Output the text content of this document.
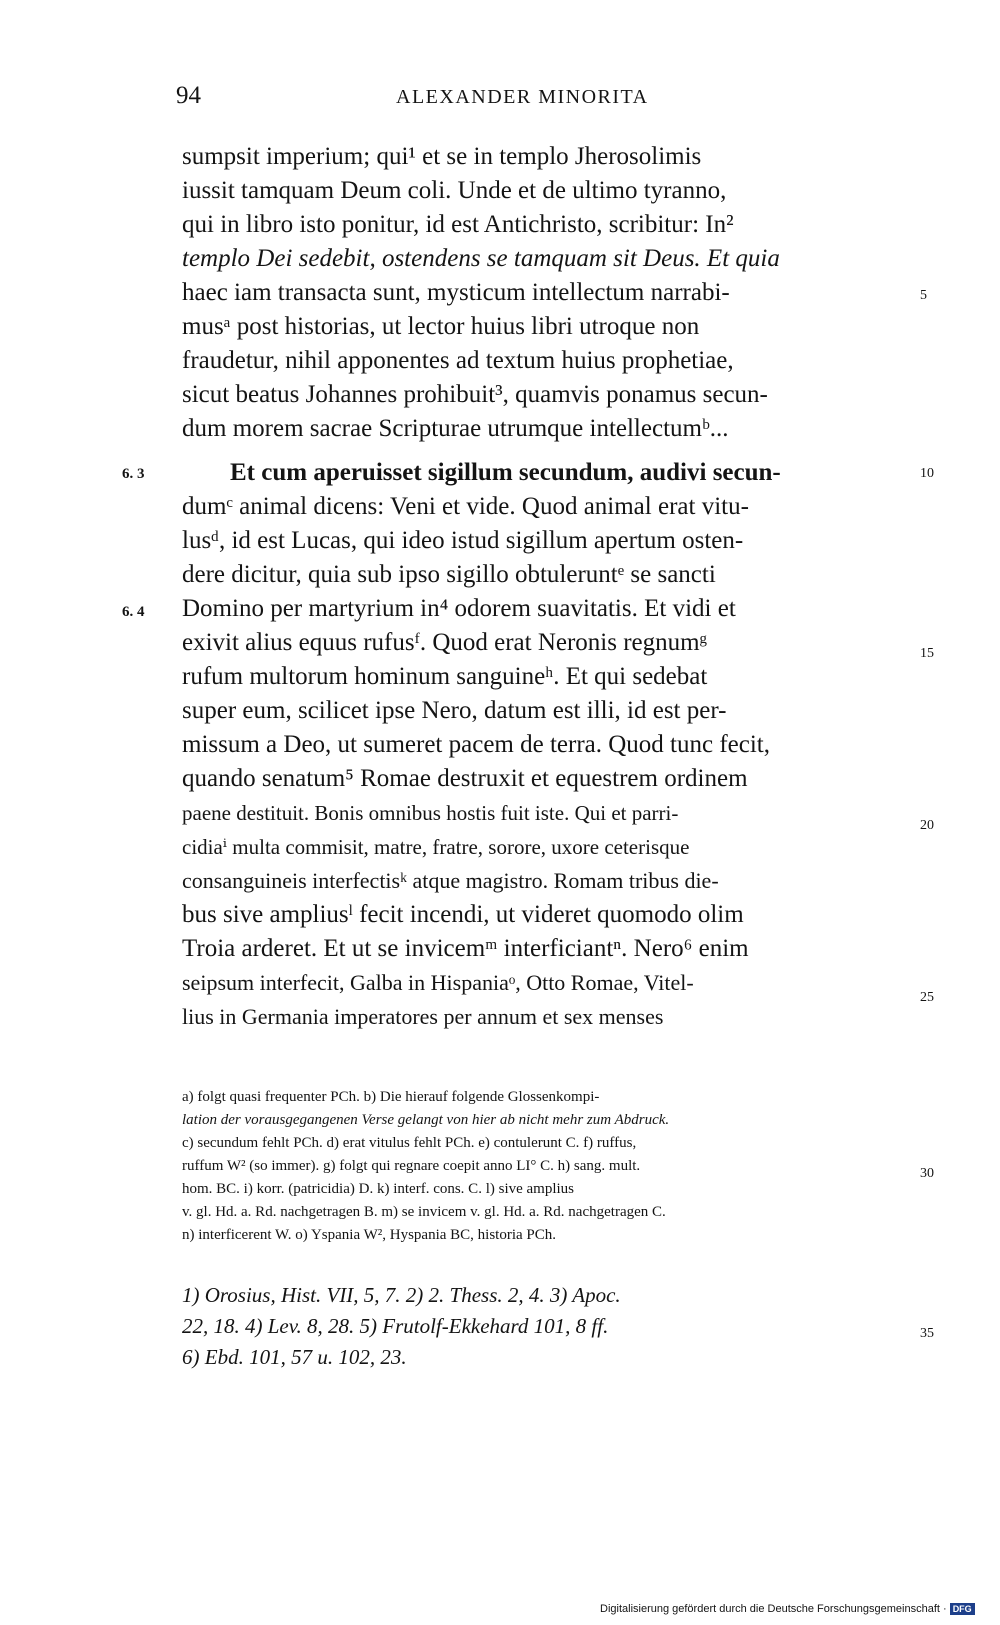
94	ALEXANDER MINORITA
sumpsit imperium; qui¹ et se in templo Jherosolimis
iussit tamquam Deum coli. Unde et de ultimo tyranno,
qui in libro isto ponitur, id est Antichristo, scribitur: In²
templo Dei sedebit, ostendens se tamquam sit Deus. Et quia
haec iam transacta sunt, mysticum intellectum narrabi-
musᵃ post historias, ut lector huius libri utroque non
fraudetur, nihil apponentes ad textum huius prophetiae,
sicut beatus Johannes prohibuit³, quamvis ponamus secun-
dum morem sacrae Scripturae utrumque intellectumᵇ...
Et cum aperuisset sigillum secundum, audivi secun-
dumᶜ animal dicens: Veni et vide. Quod animal erat vitu-
lusᵈ, id est Lucas, qui ideo istud sigillum apertum osten-
dere dicitur, quia sub ipso sigillo obtuleruntᵉ se sancti
Domino per martyrium in⁴ odorem suavitatis. Et vidi et
exivit alius equus rufusᶠ. Quod erat Neronis regnumᵍ
rufum multorum hominum sanguineʰ. Et qui sedebat
super eum, scilicet ipse Nero, datum est illi, id est per-
missum a Deo, ut sumeret pacem de terra. Quod tunc fecit,
quando senatum⁵ Romae destruxit et equestrem ordinem
paene destituit. Bonis omnibus hostis fuit iste. Qui et parri-
cidiaⁱ multa commisit, matre, fratre, sorore, uxore ceterisque
consanguineis interfectisᵏ atque magistro. Romam tribus die-
bus sive ampliusˡ fecit incendi, ut videret quomodo olim
Troia arderet. Et ut se invicemᵐ interficiantⁿ. Nero⁶ enim
seipsum interfecit, Galba in Hispaniaᵒ, Otto Romae, Vitel-
lius in Germania imperatores per annum et sex menses
6. 3
6. 4
5
10
15
20
25
30
35
a) folgt quasi frequenter PCh. b) Die hierauf folgende Glossenkompi-
lation der vorausgegangenen Verse gelangt von hier ab nicht mehr zum Abdruck.
c) secundum fehlt PCh. d) erat vitulus fehlt PCh. e) contulerunt C. f) ruffus,
ruffum W² (so immer). g) folgt qui regnare coepit anno LI° C. h) sang. mult.
hom. BC. i) korr. (patricidia) D. k) interf. cons. C. l) sive amplius
v. gl. Hd. a. Rd. nachgetragen B. m) se invicem v. gl. Hd. a. Rd. nachgetragen C.
n) interficerent W. o) Yspania W², Hyspania BC, historia PCh.
1) Orosius, Hist. VII, 5, 7. 2) 2. Thess. 2, 4. 3) Apoc.
22, 18. 4) Lev. 8, 28. 5) Frutolf-Ekkehard 101, 8 ff.
6) Ebd. 101, 57 u. 102, 23.
Digitalisierung gefördert durch die Deutsche Forschungsgemeinschaft · DFG
